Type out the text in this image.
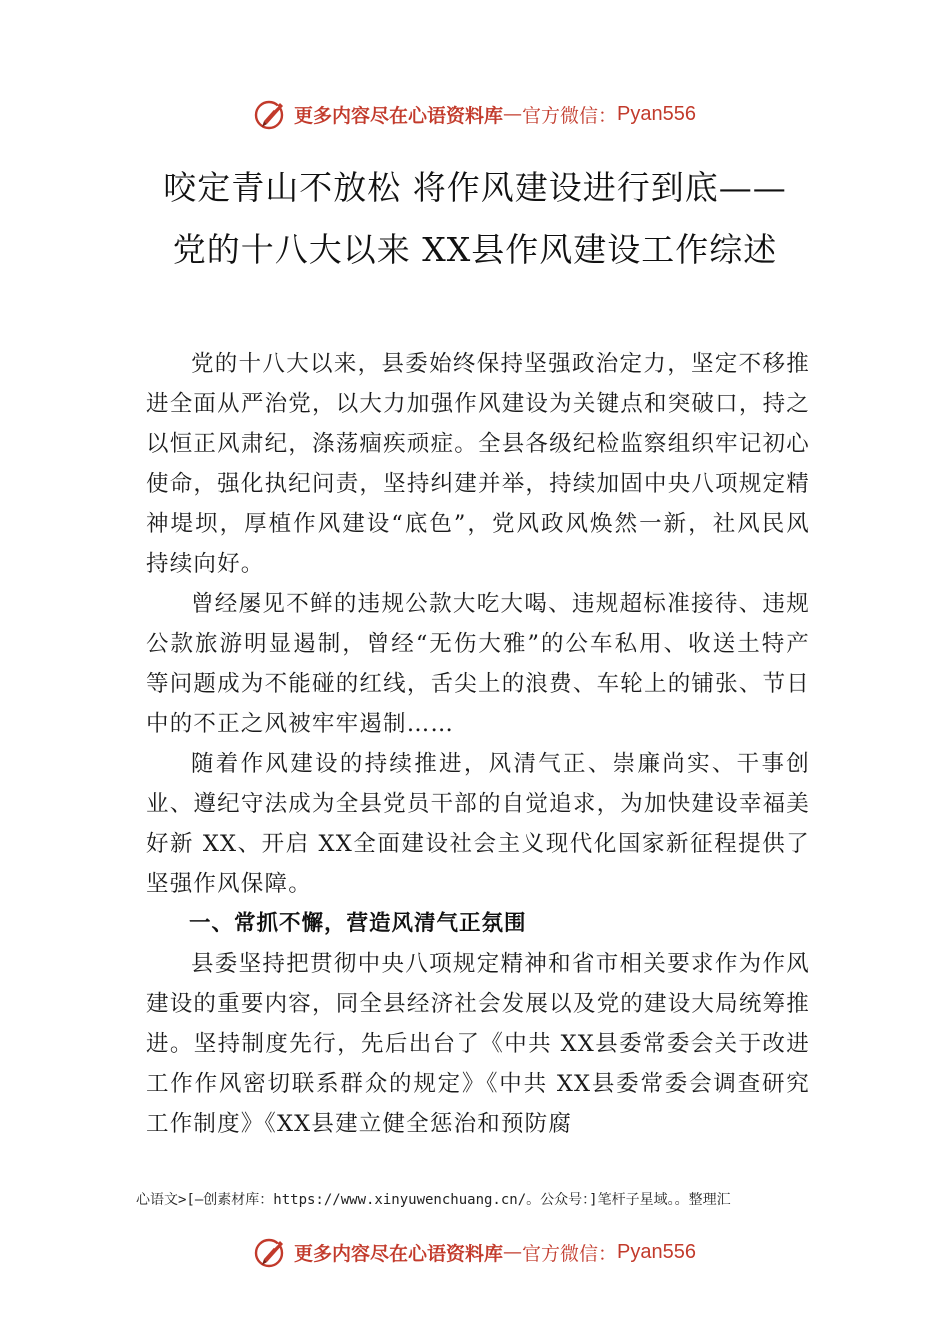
更多内容尽在心语资料库 — 官方微信： Pyan556
咬定青山不放松 将作风建设进行到底——
党的十八大以来 XX县作风建设工作综述

党的十八大以来，县委始终保持坚强政治定力，坚定不移推进全面从严治党，以大力加强作风建设为关键点和突破口，持之以恒正风肃纪，涤荡痼疾顽症。全县各级纪检监察组织牢记初心使命，强化执纪问责，坚持纠建并举，持续加固中央八项规定精神堤坝，厚植作风建设“底色”，党风政风焕然一新，社风民风持续向好。

曾经屡见不鲜的违规公款大吃大喝、违规超标准接待、违规公款旅游明显遏制，曾经“无伤大雅”的公车私用、收送土特产等问题成为不能碰的红线，舌尖上的浪费、车轮上的铺张、节日中的不正之风被牢牢遏制……

随着作风建设的持续推进，风清气正、崇廉尚实、干事创业、遵纪守法成为全县党员干部的自觉追求，为加快建设幸福美好新 XX、开启 XX全面建设社会主义现代化国家新征程提供了坚强作风保障。

一、常抓不懈，营造风清气正氛围

县委坚持把贯彻中央八项规定精神和省市相关要求作为作风建设的重要内容，同全县经济社会发展以及党的建设大局统筹推进。坚持制度先行，先后出台了《中共 XX县委常委会关于改进工作作风密切联系群众的规定》《中共 XX县委常委会调查研究工作制度》《XX县建立健全惩治和预防腐

心语文>[—创素材库：https://www.xinyuwenchuang.cn/。公众号：]笔杆子星域。。整理汇
更多内容尽在心语资料库 — 官方微信： Pyan556
